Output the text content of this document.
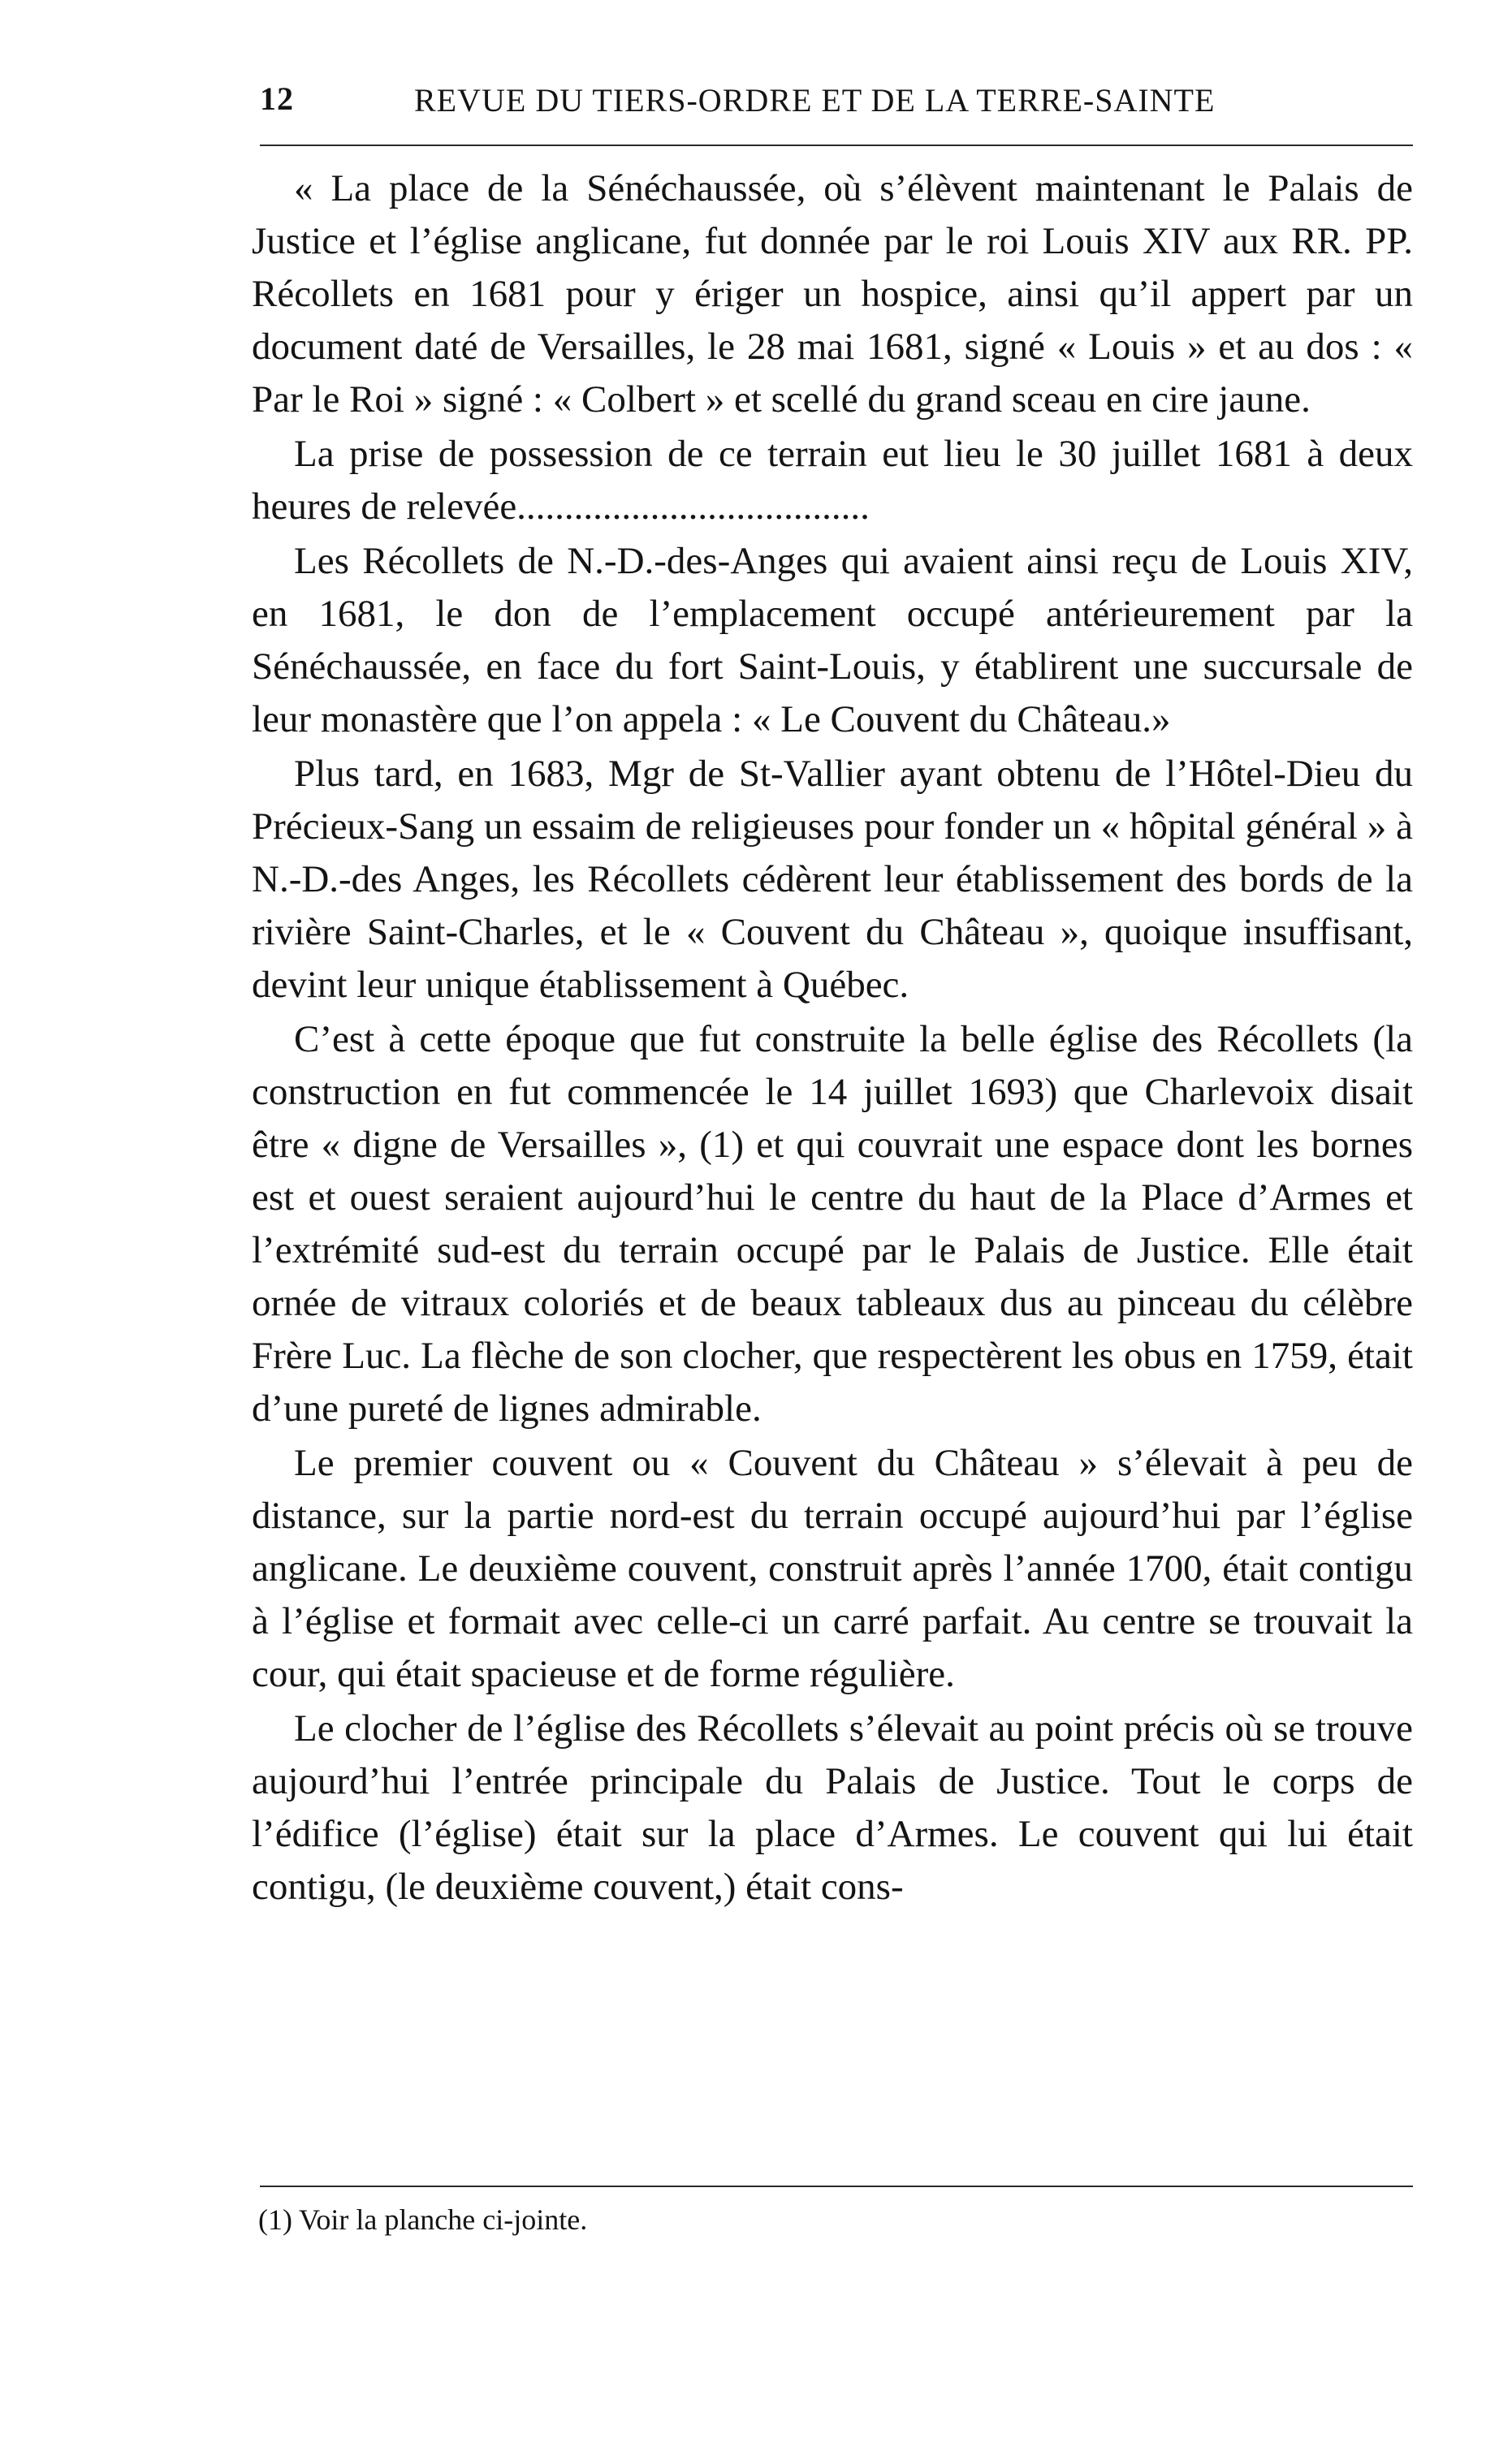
12	REVUE DU TIERS-ORDRE ET DE LA TERRE-SAINTE

« La place de la Sénéchaussée, où s’élèvent maintenant le Palais de Justice et l’église anglicane, fut donnée par le roi Louis XIV aux RR. PP. Récollets en 1681 pour y ériger un hospice, ainsi qu’il appert par un document daté de Versailles, le 28 mai 1681, signé « Louis » et au dos : « Par le Roi » signé : « Colbert » et scellé du grand sceau en cire jaune.

La prise de possession de ce terrain eut lieu le 30 juillet 1681 à deux heures de relevée.....................................

Les Récollets de N.-D.-des-Anges qui avaient ainsi reçu de Louis XIV, en 1681, le don de l’emplacement occupé antérieurement par la Sénéchaussée, en face du fort Saint-Louis, y établirent une succursale de leur monastère que l’on appela : « Le Couvent du Château.»

Plus tard, en 1683, Mgr de St-Vallier ayant obtenu de l’Hôtel-Dieu du Précieux-Sang un essaim de religieuses pour fonder un « hôpital général » à N.-D.-des Anges, les Récollets cédèrent leur établissement des bords de la rivière Saint-Charles, et le « Couvent du Château », quoique insuffisant, devint leur unique établissement à Québec.

C’est à cette époque que fut construite la belle église des Récollets (la construction en fut commencée le 14 juillet 1693) que Charlevoix disait être « digne de Versailles », (1) et qui couvrait une espace dont les bornes est et ouest seraient aujourd’hui le centre du haut de la Place d’Armes et l’extrémité sud-est du terrain occupé par le Palais de Justice. Elle était ornée de vitraux coloriés et de beaux tableaux dus au pinceau du célèbre Frère Luc. La flèche de son clocher, que respectèrent les obus en 1759, était d’une pureté de lignes admirable.

Le premier couvent ou « Couvent du Château » s’élevait à peu de distance, sur la partie nord-est du terrain occupé aujourd’hui par l’église anglicane. Le deuxième couvent, construit après l’année 1700, était contigu à l’église et formait avec celle-ci un carré parfait. Au centre se trouvait la cour, qui était spacieuse et de forme régulière.

Le clocher de l’église des Récollets s’élevait au point précis où se trouve aujourd’hui l’entrée principale du Palais de Justice. Tout le corps de l’édifice (l’église) était sur la place d’Armes. Le couvent qui lui était contigu, (le deuxième couvent,) était cons-

(1) Voir la planche ci-jointe.
